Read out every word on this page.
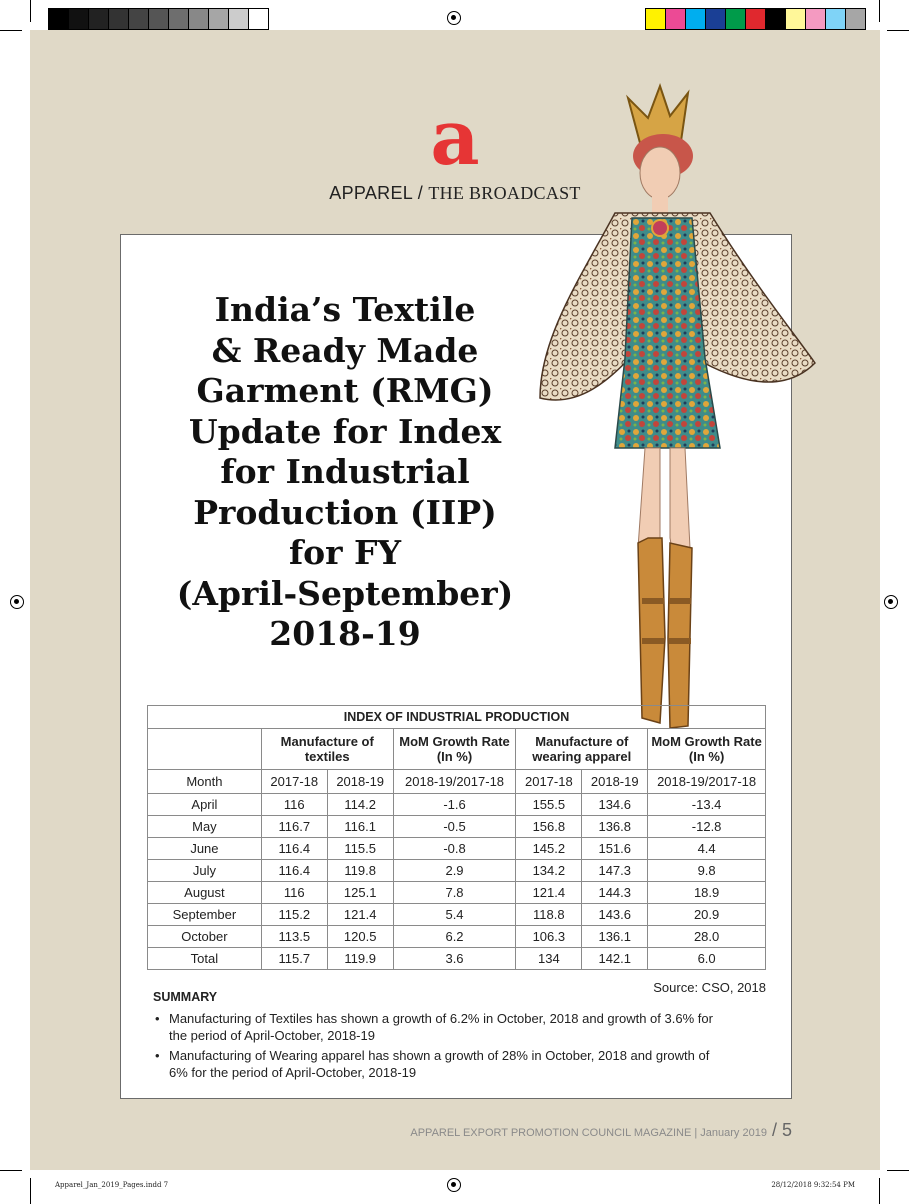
a
APPAREL / THE BROADCAST
India’s Textile
& Ready Made
Garment (RMG)
Update for Index
for Industrial
Production (IIP)
for FY
(April-September)
2018-19
INDEX OF INDUSTRIAL PRODUCTION						
	Manufacture of textiles		MoM Growth Rate (In %)	Manufacture of wearing apparel		MoM Growth Rate (In %)
Month	2017-18	2018-19	2018-19/2017-18	2017-18	2018-19	2018-19/2017-18
April	116	114.2	-1.6	155.5	134.6	-13.4
May	116.7	116.1	-0.5	156.8	136.8	-12.8
June	116.4	115.5	-0.8	145.2	151.6	4.4
July	116.4	119.8	2.9	134.2	147.3	9.8
August	116	125.1	7.8	121.4	144.3	18.9
September	115.2	121.4	5.4	118.8	143.6	20.9
October	113.5	120.5	6.2	106.3	136.1	28.0
Total	115.7	119.9	3.6	134	142.1	6.0
Source: CSO, 2018
SUMMARY
• Manufacturing of Textiles has shown a growth of 6.2% in October, 2018 and growth of 3.6% for the period of April-October, 2018-19
• Manufacturing of Wearing apparel has shown a growth of 28% in October, 2018 and growth of 6% for the period of April-October, 2018-19
APPAREL EXPORT PROMOTION COUNCIL MAGAZINE | January 2019 / 5
Apparel_Jan_2019_Pages.indd 7	28/12/2018 9:32:54 PM
